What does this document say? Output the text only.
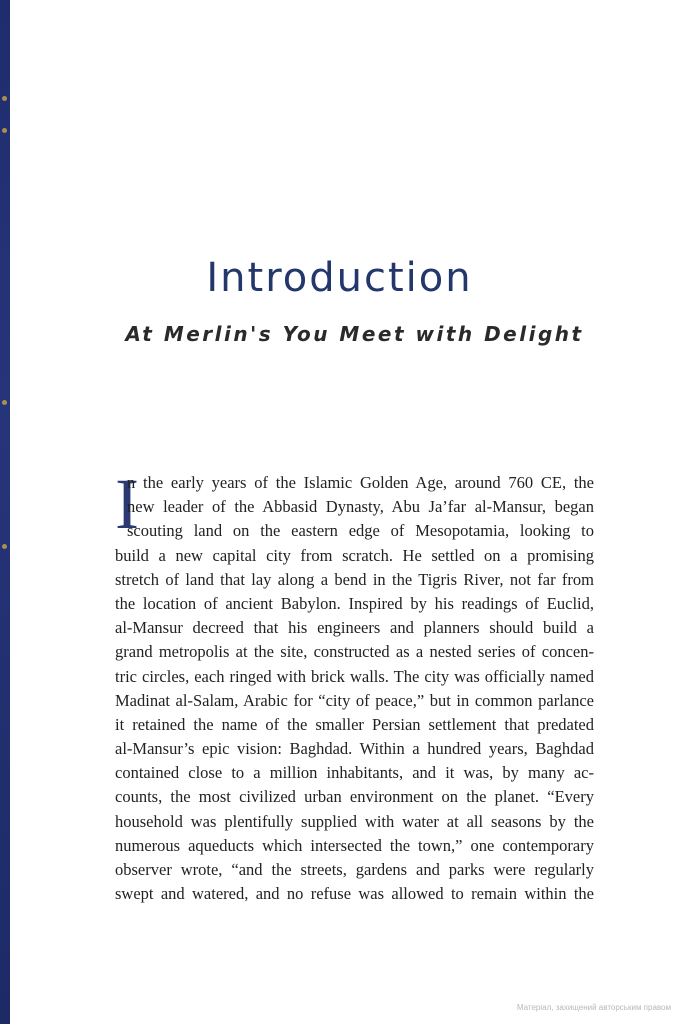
Introduction
At Merlin's You Meet with Delight
I
n the early years of the Islamic Golden Age, around 760 CE, the
new leader of the Abbasid Dynasty, Abu Ja’far al-Mansur, began
scouting land on the eastern edge of Mesopotamia, looking to
build a new capital city from scratch. He settled on a promising
stretch of land that lay along a bend in the Tigris River, not far from
the location of ancient Babylon. Inspired by his readings of Euclid,
al-Mansur decreed that his engineers and planners should build a
grand metropolis at the site, constructed as a nested series of concen-
tric circles, each ringed with brick walls. The city was officially named
Madinat al-Salam, Arabic for “city of peace,” but in common parlance
it retained the name of the smaller Persian settlement that predated
al-Mansur’s epic vision: Baghdad. Within a hundred years, Baghdad
contained close to a million inhabitants, and it was, by many ac-
counts, the most civilized urban environment on the planet. “Every
household was plentifully supplied with water at all seasons by the
numerous aqueducts which intersected the town,” one contemporary
observer wrote, “and the streets, gardens and parks were regularly
swept and watered, and no refuse was allowed to remain within the
Матеріал, захищений авторським правом
